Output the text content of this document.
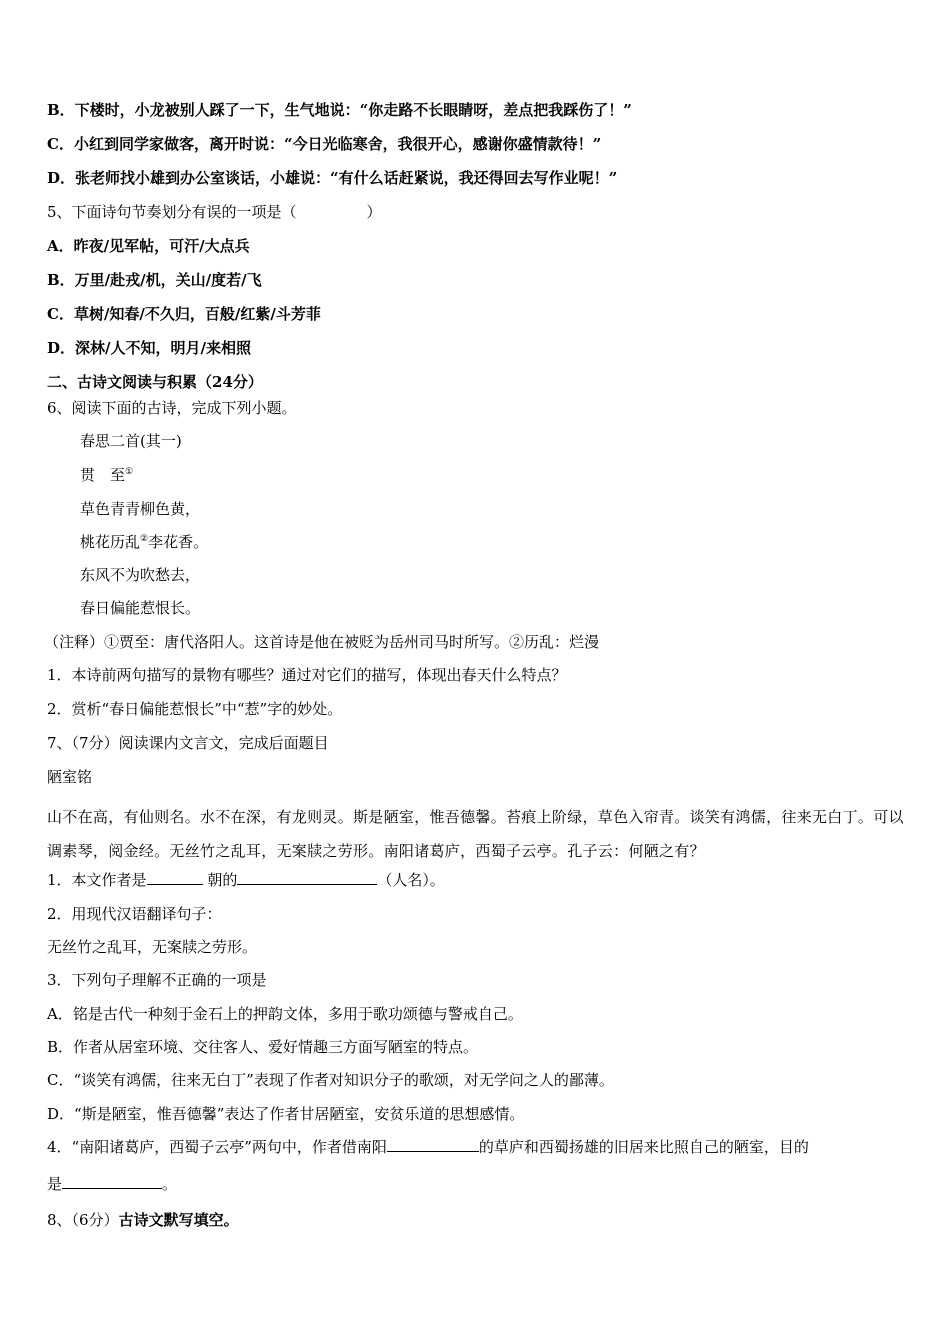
B．下楼时，小龙被别人踩了一下，生气地说：“你走路不长眼睛呀，差点把我踩伤了！”
C．小红到同学家做客，离开时说：“今日光临寒舍，我很开心，感谢你盛情款待！”
D．张老师找小雄到办公室谈话，小雄说：“有什么话赶紧说，我还得回去写作业呢！”
5、下面诗句节奏划分有误的一项是（	）
A．昨夜/见军帖，可汗/大点兵
B．万里/赴戎/机，关山/度若/飞
C．草树/知春/不久归，百般/红紫/斗芳菲
D．深林/人不知，明月/来相照
二、古诗文阅读与积累（24分）
6、阅读下面的古诗，完成下列小题。
春思二首(其一)
贯　至①
草色青青柳色黄，
桃花历乱②李花香。
东风不为吹愁去，
春日偏能惹恨长。
（注释）①贾至：唐代洛阳人。这首诗是他在被贬为岳州司马时所写。②历乱：烂漫
1．本诗前两句描写的景物有哪些？通过对它们的描写，体现出春天什么特点？
2．赏析“春日偏能惹恨长”中“惹”字的妙处。
7、（7分）阅读课内文言文，完成后面题目
陋室铭
山不在高，有仙则名。水不在深，有龙则灵。斯是陋室，惟吾德馨。苔痕上阶绿，草色入帘青。谈笑有鸿儒，往来无白丁。可以调素琴，阅金经。无丝竹之乱耳，无案牍之劳形。南阳诸葛庐，西蜀子云亭。孔子云：何陋之有？
1．本文作者是	朝的	（人名）。
2．用现代汉语翻译句子：
无丝竹之乱耳，无案牍之劳形。
3．下列句子理解不正确的一项是
A．铭是古代一种刻于金石上的押韵文体，多用于歌功颂德与警戒自己。
B．作者从居室环境、交往客人、爱好情趣三方面写陋室的特点。
C．“谈笑有鸿儒，往来无白丁”表现了作者对知识分子的歌颂，对无学问之人的鄙薄。
D．“斯是陋室，惟吾德馨”表达了作者甘居陋室，安贫乐道的思想感情。
4．“南阳诸葛庐，西蜀子云亭”两句中，作者借南阳	的草庐和西蜀扬雄的旧居来比照自己的陋室，目的
是	。
8、（6分）古诗文默写填空。
